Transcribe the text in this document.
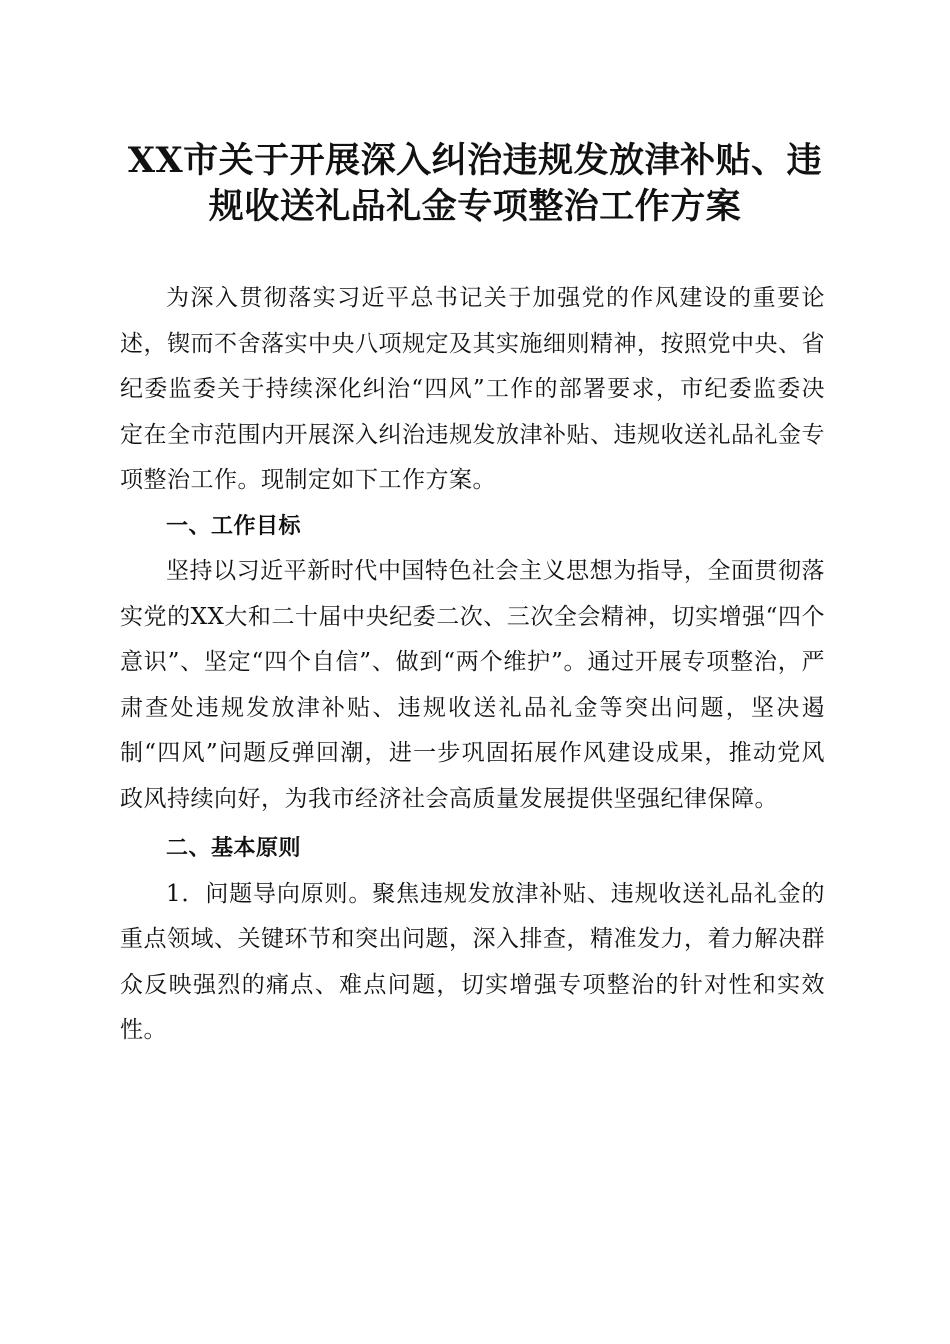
XX市关于开展深入纠治违规发放津补贴、违
规收送礼品礼金专项整治工作方案

为深入贯彻落实习近平总书记关于加强党的作风建设的重要论述，锲而不舍落实中央八项规定及其实施细则精神，按照党中央、省纪委监委关于持续深化纠治“四风”工作的部署要求，市纪委监委决定在全市范围内开展深入纠治违规发放津补贴、违规收送礼品礼金专项整治工作。现制定如下工作方案。

一、工作目标

坚持以习近平新时代中国特色社会主义思想为指导，全面贯彻落实党的XX大和二十届中央纪委二次、三次全会精神，切实增强“四个意识”、坚定“四个自信”、做到“两个维护”。通过开展专项整治，严肃查处违规发放津补贴、违规收送礼品礼金等突出问题，坚决遏制“四风”问题反弹回潮，进一步巩固拓展作风建设成果，推动党风政风持续向好，为我市经济社会高质量发展提供坚强纪律保障。

二、基本原则

1．问题导向原则。聚焦违规发放津补贴、违规收送礼品礼金的重点领域、关键环节和突出问题，深入排查，精准发力，着力解决群众反映强烈的痛点、难点问题，切实增强专项整治的针对性和实效性。
